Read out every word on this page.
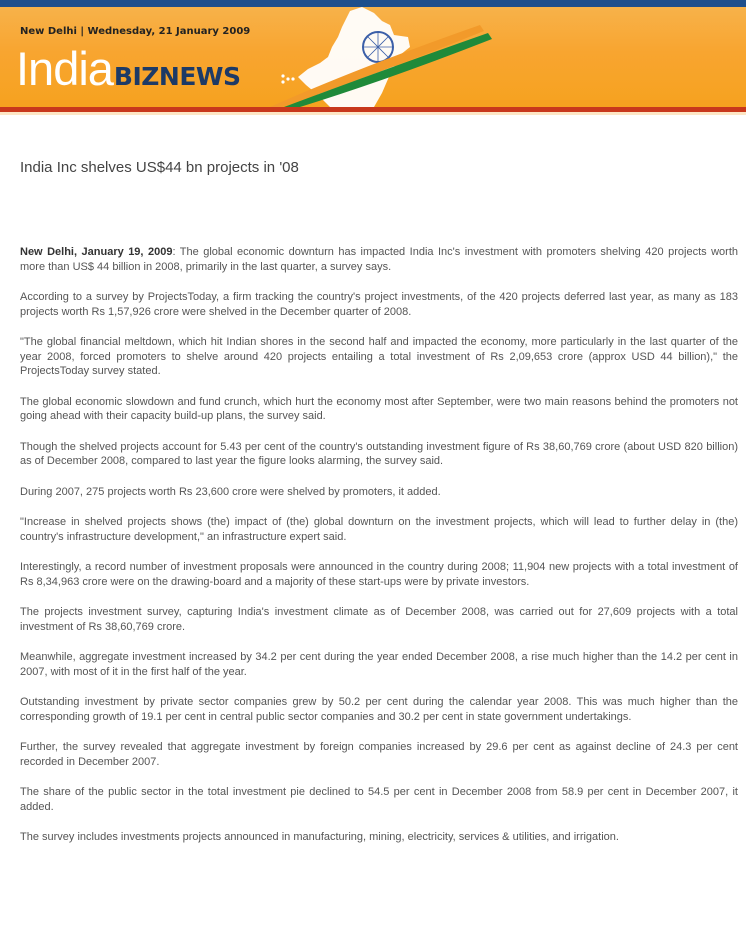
New Delhi | Wednesday, 21 January 2009
IndiaBIZNEWS
India Inc shelves US$44 bn projects in '08

New Delhi, January 19, 2009: The global economic downturn has impacted India Inc's investment with promoters shelving 420 projects worth more than US$ 44 billion in 2008, primarily in the last quarter, a survey says.

According to a survey by ProjectsToday, a firm tracking the country's project investments, of the 420 projects deferred last year, as many as 183 projects worth Rs 1,57,926 crore were shelved in the December quarter of 2008.

"The global financial meltdown, which hit Indian shores in the second half and impacted the economy, more particularly in the last quarter of the year 2008, forced promoters to shelve around 420 projects entailing a total investment of Rs 2,09,653 crore (approx USD 44 billion)," the ProjectsToday survey stated.

The global economic slowdown and fund crunch, which hurt the economy most after September, were two main reasons behind the promoters not going ahead with their capacity build-up plans, the survey said.

Though the shelved projects account for 5.43 per cent of the country's outstanding investment figure of Rs 38,60,769 crore (about USD 820 billion) as of December 2008, compared to last year the figure looks alarming, the survey said.

During 2007, 275 projects worth Rs 23,600 crore were shelved by promoters, it added.

"Increase in shelved projects shows (the) impact of (the) global downturn on the investment projects, which will lead to further delay in (the) country's infrastructure development," an infrastructure expert said.

Interestingly, a record number of investment proposals were announced in the country during 2008; 11,904 new projects with a total investment of Rs 8,34,963 crore were on the drawing-board and a majority of these start-ups were by private investors.

The projects investment survey, capturing India's investment climate as of December 2008, was carried out for 27,609 projects with a total investment of Rs 38,60,769 crore.

Meanwhile, aggregate investment increased by 34.2 per cent during the year ended December 2008, a rise much higher than the 14.2 per cent in 2007, with most of it in the first half of the year.

Outstanding investment by private sector companies grew by 50.2 per cent during the calendar year 2008. This was much higher than the corresponding growth of 19.1 per cent in central public sector companies and 30.2 per cent in state government undertakings.

Further, the survey revealed that aggregate investment by foreign companies increased by 29.6 per cent as against decline of 24.3 per cent recorded in December 2007.

The share of the public sector in the total investment pie declined to 54.5 per cent in December 2008 from 58.9 per cent in December 2007, it added.

The survey includes investments projects announced in manufacturing, mining, electricity, services & utilities, and irrigation.
